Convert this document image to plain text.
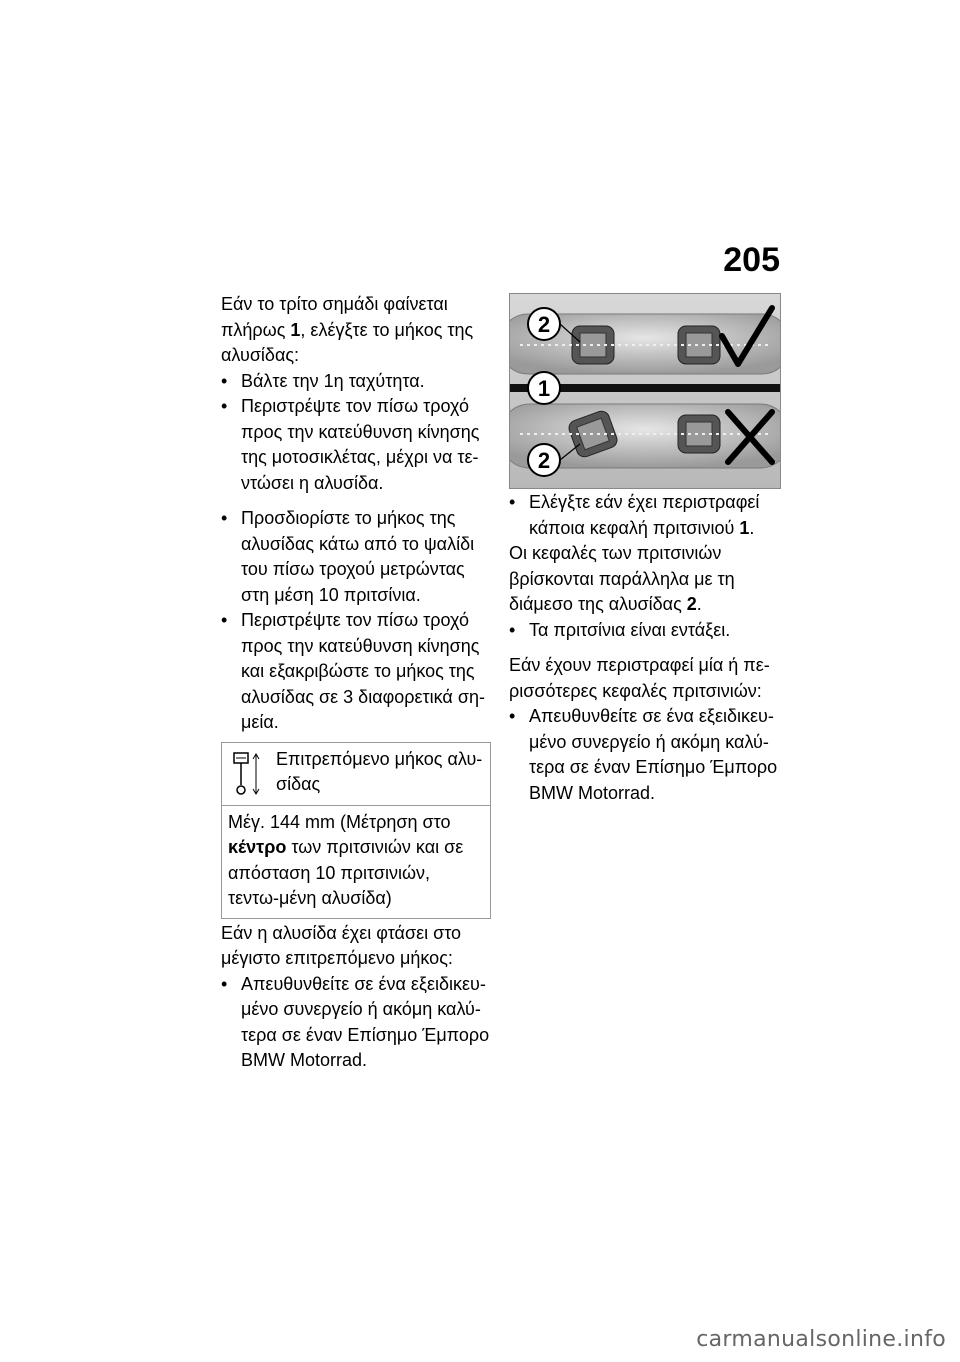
205

Εάν το τρίτο σημάδι φαίνεται πλήρως 1, ελέγξτε το μήκος της αλυσίδας:

• Βάλτε την 1η ταχύτητα.

• Περιστρέψτε τον πίσω τροχό προς την κατεύθυνση κίνησης της μοτοσικλέτας, μέχρι να τε-ντώσει η αλυσίδα.

• Προσδιορίστε το μήκος της αλυσίδας κάτω από το ψαλίδι του πίσω τροχού μετρώντας στη μέση 10 πριτσίνια.

• Περιστρέψτε τον πίσω τροχό προς την κατεύθυνση κίνησης και εξακριβώστε το μήκος της αλυσίδας σε 3 διαφορετικά ση-μεία.

Επιτρεπόμενο μήκος αλυ-σίδας
Μέγ. 144 mm (Μέτρηση στο κέντρο των πριτσινιών και σε απόσταση 10 πριτσινιών, τεντω-μένη αλυσίδα)

Εάν η αλυσίδα έχει φτάσει στο μέγιστο επιτρεπόμενο μήκος:

• Απευθυνθείτε σε ένα εξειδικευ-μένο συνεργείο ή ακόμη καλύ-τερα σε έναν Επίσημο Έμπορο BMW Motorrad.

2
1
2

• Ελέγξτε εάν έχει περιστραφεί κάποια κεφαλή πριτσινιού 1.

Οι κεφαλές των πριτσινιών βρίσκονται παράλληλα με τη διάμεσο της αλυσίδας 2.

• Τα πριτσίνια είναι εντάξει.

Εάν έχουν περιστραφεί μία ή πε-ρισσότερες κεφαλές πριτσινιών:

• Απευθυνθείτε σε ένα εξειδικευ-μένο συνεργείο ή ακόμη καλύ-τερα σε έναν Επίσημο Έμπορο BMW Motorrad.

carmanualsonline.info
